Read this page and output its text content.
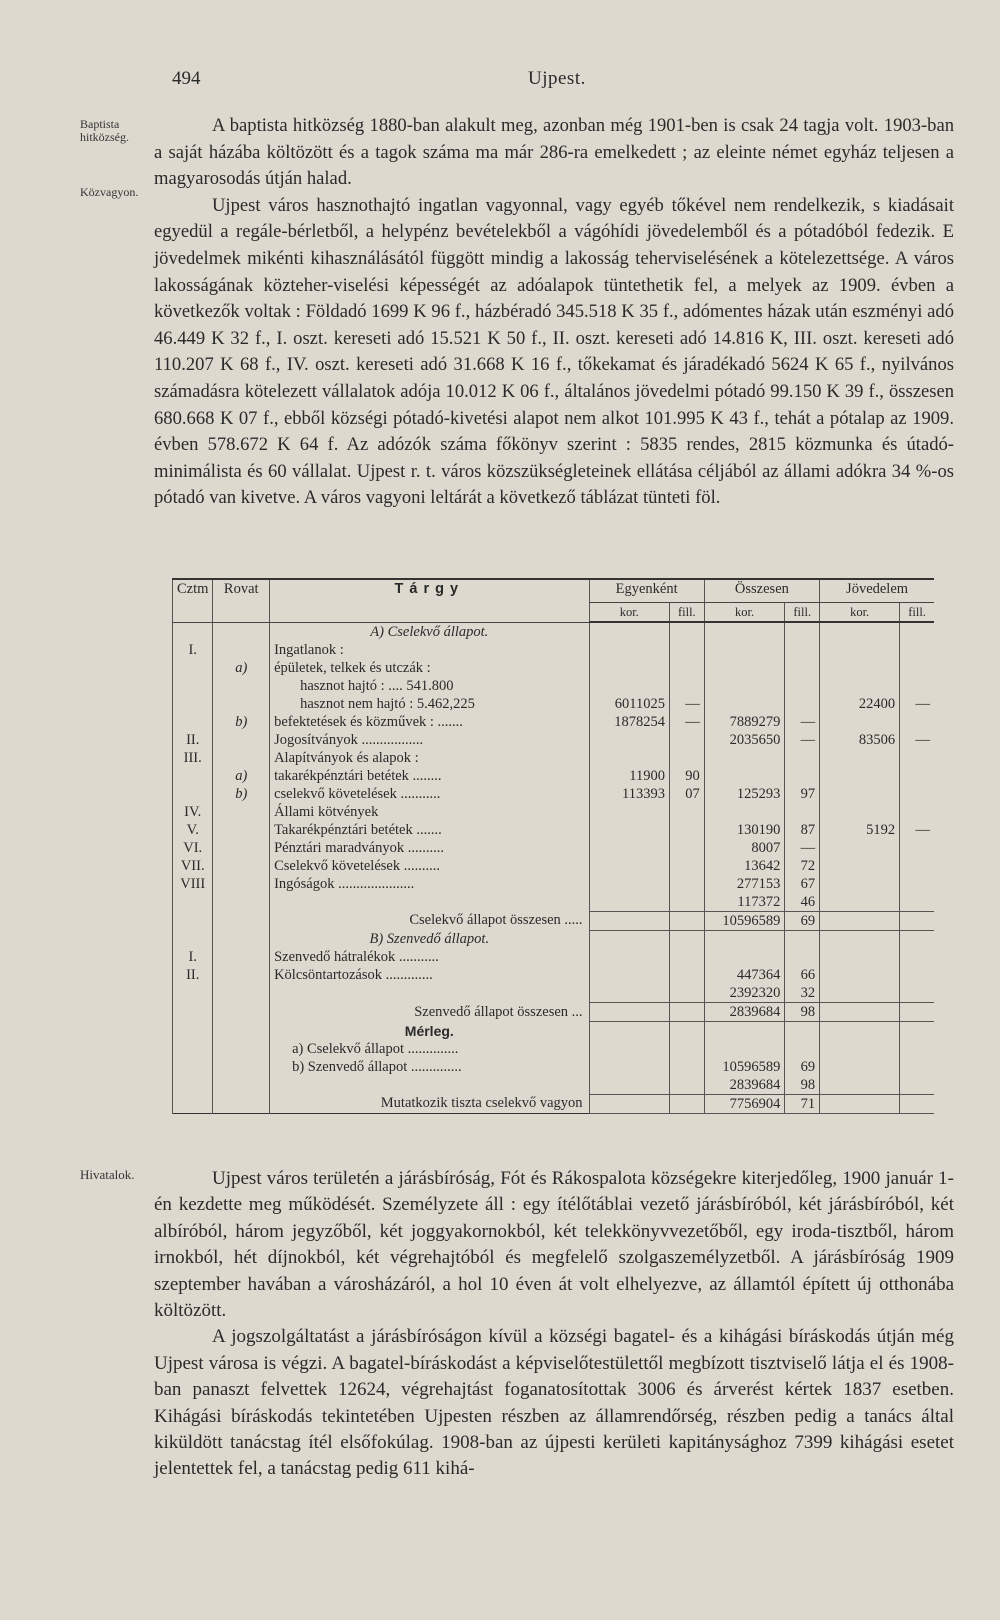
494	Ujpest.
Baptista hitközség.
Közvagyon.
Hivatalok.

A baptista hitközség 1880-ban alakult meg, azonban még 1901-ben is csak 24 tagja volt. 1903-ban a saját házába költözött és a tagok száma ma már 286-ra emelkedett ; az eleinte német egyház teljesen a magyarosodás útján halad.

Ujpest város hasznothajtó ingatlan vagyonnal, vagy egyéb tőkével nem rendelkezik, s kiadásait egyedül a regále-bérletből, a helypénz bevételekből a vágóhídi jövedelemből és a pótadóból fedezik. E jövedelmek mikénti kihasználásától függött mindig a lakosság teherviselésének a kötelezettsége. A város lakosságának közteher-viselési képességét az adóalapok tüntethetik fel, a melyek az 1909. évben a következők voltak : Földadó 1699 K 96 f., házbéradó 345.518 K 35 f., adómentes házak után eszményi adó 46.449 K 32 f., I. oszt. kereseti adó 15.521 K 50 f., II. oszt. kereseti adó 14.816 K, III. oszt. kereseti adó 110.207 K 68 f., IV. oszt. kereseti adó 31.668 K 16 f., tőkekamat és járadékadó 5624 K 65 f., nyilvános számadásra kötelezett vállalatok adója 10.012 K 06 f., általános jövedelmi pótadó 99.150 K 39 f., összesen 680.668 K 07 f., ebből községi pótadó-kivetési alapot nem alkot 101.995 K 43 f., tehát a pótalap az 1909. évben 578.672 K 64 f. Az adózók száma főkönyv szerint : 5835 rendes, 2815 közmunka és útadó-minimálista és 60 vállalat. Ujpest r. t. város közszükségleteinek ellátása céljából az állami adókra 34 %-os pótadó van kivetve. A város vagyoni leltárát a következő táblázat tünteti föl.

Cztm	Rovat	Tárgy	Egyenként		Összesen		Jövedelem	
			kor.	fill.	kor.	fill.	kor.	fill.
		A) Cselekvő állapot.						
I.		Ingatlanok :						
	a)	épületek, telkek és utczák :						
		hasznot hajtó : .... 541.800						
		hasznot nem hajtó : 5.462,225	6011025	—			22400	—
	b)	befektetések és közművek : .......	1878254	—	7889279	—		
II.		Jogosítványok .................			2035650	—	83506	—
III.		Alapítványok és alapok :						
	a)	takarékpénztári betétek ........	11900	90				
	b)	cselekvő követelések ...........	113393	07	125293	97		
IV.		Állami kötvények						
V.		Takarékpénztári betétek .......			130190	87	5192	—
VI.		Pénztári maradványok ..........			8007	—		
VII.		Cselekvő követelések ..........			13642	72		
VIII		Ingóságok .....................			277153	67		
					117372	46		
		Cselekvő állapot összesen .....			10596589	69		
		B) Szenvedő állapot.						
I.		Szenvedő hátralékok ...........						
II.		Kölcsöntartozások .............			447364	66		
					2392320	32		
		Szenvedő állapot összesen ...			2839684	98		
		Mérleg.						
		a) Cselekvő állapot ..............						
		b) Szenvedő állapot ..............			10596589	69		
					2839684	98		
		Mutatkozik tiszta cselekvő vagyon			7756904	71		

Ujpest város területén a járásbíróság, Fót és Rákospalota községekre kiterjedőleg, 1900 január 1-én kezdette meg működését. Személyzete áll : egy ítélőtáblai vezető járásbíróból, két járásbíróból, két albíróból, három jegyzőből, két joggyakornokból, két telekkönyvvezetőből, egy iroda-tisztből, három irnokból, hét díjnokból, két végrehajtóból és megfelelő szolgaszemélyzetből. A járásbíróság 1909 szeptember havában a városházáról, a hol 10 éven át volt elhelyezve, az államtól épített új otthonába költözött.

A jogszolgáltatást a járásbíróságon kívül a községi bagatel- és a kihágási bíráskodás útján még Ujpest városa is végzi. A bagatel-bíráskodást a képviselőtestülettől megbízott tisztviselő látja el és 1908-ban panaszt felvettek 12624, végrehajtást foganatosítottak 3006 és árverést kértek 1837 esetben. Kihágási bíráskodás tekintetében Ujpesten részben az államrendőrség, részben pedig a tanács által kiküldött tanácstag ítél elsőfokúlag. 1908-ban az újpesti kerületi kapitánysághoz 7399 kihágási esetet jelentettek fel, a tanácstag pedig 611 kihá-
